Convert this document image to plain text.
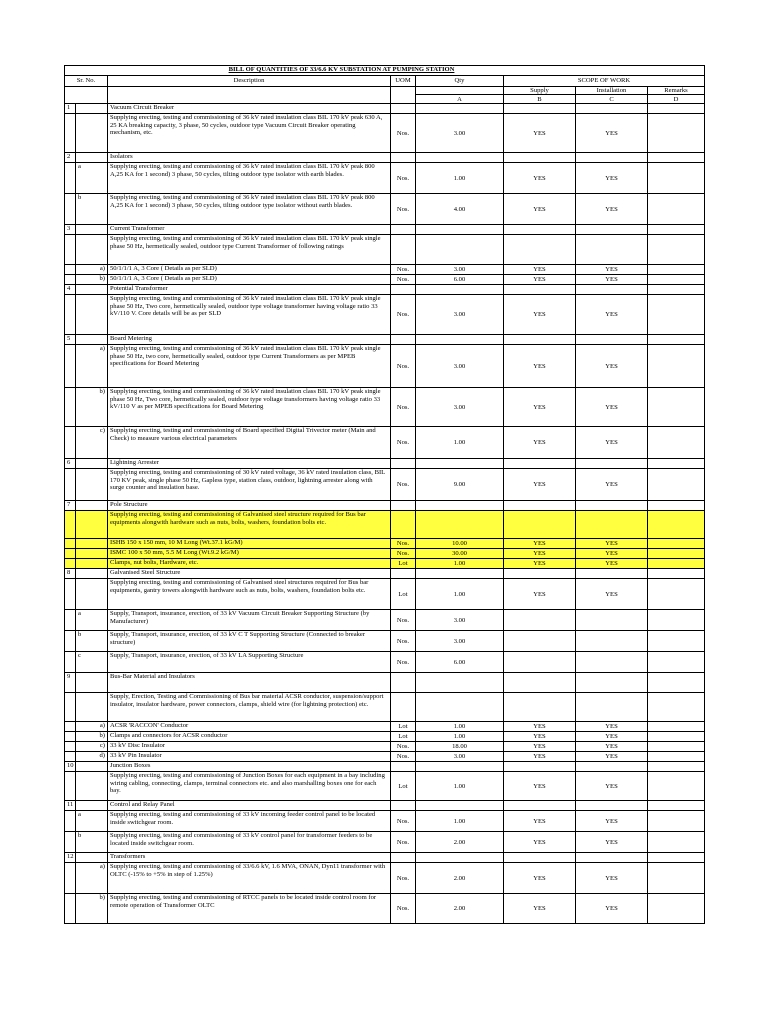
		BILL OF QUANTITIES OF 33/6.6 KV SUBSTATION AT PUMPING STATION					
Sr. No.		Description	UOM	Qty	SCOPE OF WORK		
					Supply	Installation	Remarks
				A	B	C	D
1		Vacuum Circuit Breaker					
		Supplying erecting, testing and commissioning of 36 kV rated insulation class BIL 170 kV peak 630 A, 25 KA breaking capacity, 3 phase, 50 cycles, outdoor type Vacuum Circuit Breaker operating mechanism, etc.	Nos.	3.00	YES	YES	
2		Isolators					
	a	Supplying erecting, testing and commissioning of 36 kV rated insulation class BIL 170 kV peak 800 A,25 KA for 1 second) 3 phase, 50 cycles, tilting outdoor type isolator with earth blades.	Nos.	1.00	YES	YES	
	b	Supplying erecting, testing and commissioning of 36 kV rated insulation class BIL 170 kV peak 800 A,25 KA for 1 second) 3 phase, 50 cycles, tilting outdoor type isolator without earth blades.	Nos.	4.00	YES	YES	
3		Current Transformer					
		Supplying erecting, testing and commissioning of 36 kV rated insulation class BIL 170 kV peak single phase 50 Hz, hermetically sealed, outdoor type Current Transformer of following ratings					
	a)	50/1/1/1 A, 3 Core ( Details as per SLD)	Nos.	3.00	YES	YES	
	b)	50/1/1/1 A, 3 Core ( Details as per SLD)	Nos.	6.00	YES	YES	
4		Potential Transformer					
		Supplying erecting, testing and commissioning of 36 kV rated insulation class BIL 170 kV peak single phase 50 Hz, Two core, hermetically sealed, outdoor type voltage transformer having voltage ratio 33 kV/110 V. Core details will be as per SLD	Nos.	3.00	YES	YES	
5		Board Metering					
	a)	Supplying erecting, testing and commissioning of 36 kV rated insulation class BIL 170 kV peak single phase 50 Hz, two core, hermetically sealed, outdoor type Current Transformers as per MPEB specifications for Board Metering	Nos.	3.00	YES	YES	
	b)	Supplying erecting, testing and commissioning of 36 kV rated insulation class BIL 170 kV peak single phase 50 Hz, Two core, hermetically sealed, outdoor type voltage transformers having voltage ratio 33 kV/110 V as per MPEB specifications for Board Metering	Nos.	3.00	YES	YES	
	c)	Supplying erecting, testing and commissioning of Board specified Digital Trivector meter (Main and Check) to measure various electrical parameters	Nos.	1.00	YES	YES	
6		Lightning Arrester					
		Supplying erecting, testing and commissioning of 30 kV rated voltage, 36 kV rated insulation class, BIL 170 KV peak, single phase 50 Hz, Gapless type, station class, outdoor, lightning arrester along with surge counter and insulation base.	Nos.	9.00	YES	YES	
7		Pole Structure					
		Supplying erecting, testing and commissioning of Galvanised steel structure required for Bus bar equipments alongwith hardware such as nuts, bolts, washers, foundation bolts etc.					
		ISHB 150 x 150 mm, 10 M Long (Wt.37.1 kG/M)	Nos.	10.00	YES	YES	
		ISMC 100 x 50 mm, 5.5 M Long (Wt.9.2 kG/M)	Nos.	30.00	YES	YES	
		Clamps, nut bolts, Hardware, etc.	Lot	1.00	YES	YES	
8		Galvanised Steel Structure					
		Supplying erecting, testing and commissioning of Galvanised steel structures required for Bus bar equipments, gantry towers alongwith hardware such as nuts, bolts, washers, foundation bolts etc.	Lot	1.00	YES	YES	
	a	Supply, Transport, insurance, erection, of 33 kV Vacuum Circuit Breaker Supporting Structure (by Manufacturer)	Nos.	3.00			
	b	Supply, Transport, insurance, erection, of 33 kV C T Supporting Structure (Connected to breaker structure)	Nos.	3.00			
	c	Supply, Transport, insurance, erection, of 33 kV LA Supporting Structure	Nos.	6.00			
9		Bus-Bar Material and Insulators					
		Supply, Erection, Testing and Commissioning of Bus bar material ACSR conductor, suspension/support insulator, insulator hardware, power connectors, clamps, shield wire (for lightning protection) etc.					
	a)	ACSR 'RACCON' Conductor	Lot	1.00	YES	YES	
	b)	Clamps and connectors for ACSR conductor	Lot	1.00	YES	YES	
	c)	33 kV Disc Insulator	Nos.	18.00	YES	YES	
	d)	33 kV Pin Insulator	Nos.	3.00	YES	YES	
10		Junction Boxes					
		Supplying erecting, testing and commissioning of Junction Boxes for each equipment in a bay including wiring cabling, connecting, clamps, terminal connectors etc. and also marshalling boxes one for each bay.	Lot	1.00	YES	YES	
11		Control and Relay Panel					
	a	Supplying erecting, testing and commissioning of 33 kV incoming feeder control panel to be located inside switchgear room.	Nos.	1.00	YES	YES	
	b	Supplying erecting, testing and commissioning of 33 kV control panel for transformer feeders to be located inside switchgear room.	Nos.	2.00	YES	YES	
12		Transformers					
	a)	Supplying erecting, testing and commissioning of 33/6.6 kV, 1.6 MVA, ONAN, Dyn11 transformer with OLTC (-15% to +5% in step of 1.25%)	Nos.	2.00	YES	YES	
	b)	Supplying erecting, testing and commissioning of RTCC panels to be located inside control room for remote operation of Transformer OLTC	Nos.	2.00	YES	YES	
